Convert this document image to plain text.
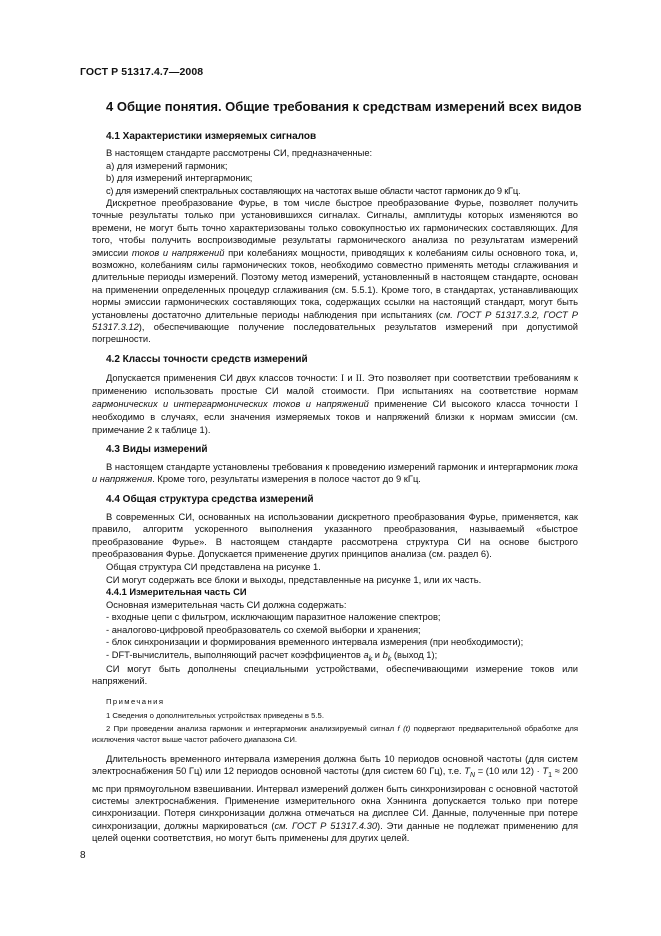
ГОСТ Р 51317.4.7—2008
4 Общие понятия. Общие требования к средствам измерений всех видов
4.1 Характеристики измеряемых сигналов
В настоящем стандарте рассмотрены СИ, предназначенные:
а) для измерений гармоник;
b) для измерений интергармоник;
с) для измерений спектральных составляющих на частотах выше области частот гармоник до 9 кГц.

Дискретное преобразование Фурье, в том числе быстрое преобразование Фурье, позволяет получить точные результаты только при установившихся сигналах. Сигналы, амплитуды которых изменяются во времени, не могут быть точно характеризованы только совокупностью их гармонических составляющих. Для того, чтобы получить воспроизводимые результаты гармонического анализа по результатам измерений эмиссии токов и напряжений при колебаниях мощности, приводящих к колебаниям силы основного тока, и, возможно, колебаниям силы гармонических токов, необходимо совместно применять методы сглаживания и длительные периоды измерений. Поэтому метод измерений, установленный в настоящем стандарте, основан на применении определенных процедур сглаживания (см. 5.5.1). Кроме того, в стандартах, устанавливающих нормы эмиссии гармонических составляющих тока, содержащих ссылки на настоящий стандарт, могут быть установлены достаточно длительные периоды наблюдения при испытаниях (см. ГОСТ Р 51317.3.2, ГОСТ Р 51317.3.12), обеспечивающие получение последовательных результатов измерений при допустимой погрешности.

4.2 Классы точности средств измерений

Допускается применения СИ двух классов точности: I и II. Это позволяет при соответствии требованиям к применению использовать простые СИ малой стоимости. При испытаниях на соответствие нормам гармонических и интергармонических токов и напряжений применение СИ высокого класса точности I необходимо в случаях, если значения измеряемых токов и напряжений близки к нормам эмиссии (см. примечание 2 к таблице 1).

4.3 Виды измерений

В настоящем стандарте установлены требования к проведению измерений гармоник и интергармоник тока и напряжения. Кроме того, результаты измерения в полосе частот до 9 кГц.

4.4 Общая структура средства измерений

В современных СИ, основанных на использовании дискретного преобразования Фурье, применяется, как правило, алгоритм ускоренного выполнения указанного преобразования, называемый «быстрое преобразование Фурье». В настоящем стандарте рассмотрена структура СИ на основе быстрого преобразования Фурье. Допускается применение других принципов анализа (см. раздел 6).

Общая структура СИ представлена на рисунке 1.
СИ могут содержать все блоки и выходы, представленные на рисунке 1, или их часть.
4.4.1 Измерительная часть СИ
Основная измерительная часть СИ должна содержать:
- входные цепи с фильтром, исключающим паразитное наложение спектров;
- аналогово-цифровой преобразователь со схемой выборки и хранения;
- блок синхронизации и формирования временного интервала измерения (при необходимости);
- DFT-вычислитель, выполняющий расчет коэффициентов $a_k$ и $b_k$ (выход 1);

СИ могут быть дополнены специальными устройствами, обеспечивающими измерение токов или напряжений.

Примечания
1 Сведения о дополнительных устройствах приведены в 5.5.

2 При проведении анализа гармоник и интергармоник анализируемый сигнал f (t) подвергают предварительной обработке для исключения частот выше частот рабочего диапазона СИ.

Длительность временного интервала измерения должна быть 10 периодов основной частоты (для систем электроснабжения 50 Гц) или 12 периодов основной частоты (для систем 60 Гц), т.е. $T_N = (10$ или $12) \cdot T_1 \approx 200$ мс при прямоугольном взвешивании. Интервал измерений должен быть синхронизирован с основной частотой системы электроснабжения. Применение измерительного окна Хэннинга допускается только при потере синхронизации. Потеря синхронизации должна отмечаться на дисплее СИ. Данные, полученные при потере синхронизации, должны маркироваться (см. ГОСТ Р 51317.4.30). Эти данные не подлежат применению для целей оценки соответствия, но могут быть применены для других целей.

8
